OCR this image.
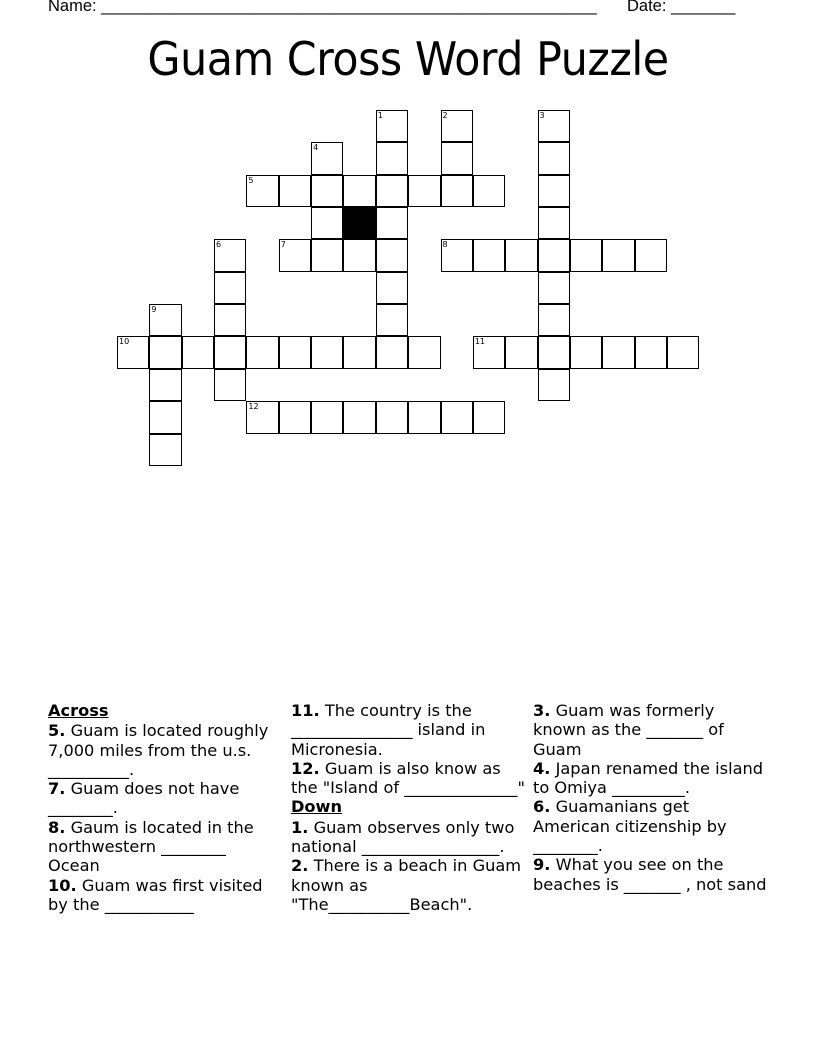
Name: ______________________________________________________ Date: _______
Guam Cross Word Puzzle
1	2	3
4
5
6	7	8
9
10	11
12
Across
5. Guam is located roughly 7,000 miles from the u.s. __________.
7. Guam does not have ________.
8. Gaum is located in the northwestern ________ Ocean
10. Guam was first visited by the ___________
11. The country is the _______________ island in Micronesia.
12. Guam is also know as the "Island of ______________"
Down
1. Guam observes only two national _________________.
2. There is a beach in Guam known as "The__________Beach".
3. Guam was formerly known as the _______ of Guam
4. Japan renamed the island to Omiya _________.
6. Guamanians get American citizenship by ________.
9. What you see on the beaches is _______ , not sand
